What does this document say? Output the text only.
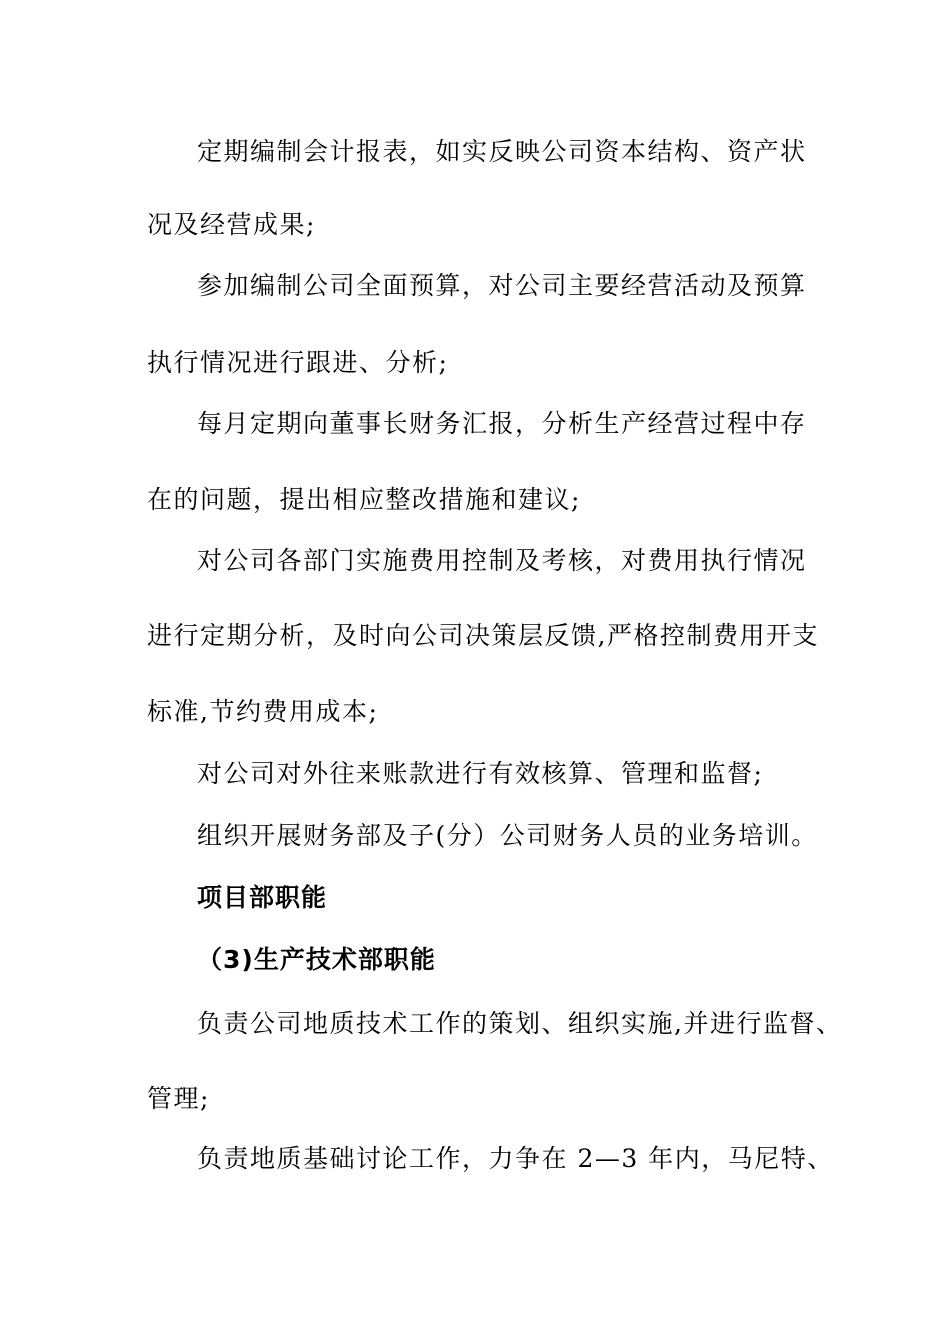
定期编制会计报表，如实反映公司资本结构、资产状
况及经营成果;
参加编制公司全面预算，对公司主要经营活动及预算
执行情况进行跟进、分析;
每月定期向董事长财务汇报，分析生产经营过程中存
在的问题，提出相应整改措施和建议;
对公司各部门实施费用控制及考核，对费用执行情况
进行定期分析，及时向公司决策层反馈,严格控制费用开支
标准,节约费用成本;
对公司对外往来账款进行有效核算、管理和监督;
组织开展财务部及子(分）公司财务人员的业务培训。
项目部职能
（3)生产技术部职能
负责公司地质技术工作的策划、组织实施,并进行监督、
管理;
负责地质基础讨论工作，力争在 2—3 年内，马尼特、
